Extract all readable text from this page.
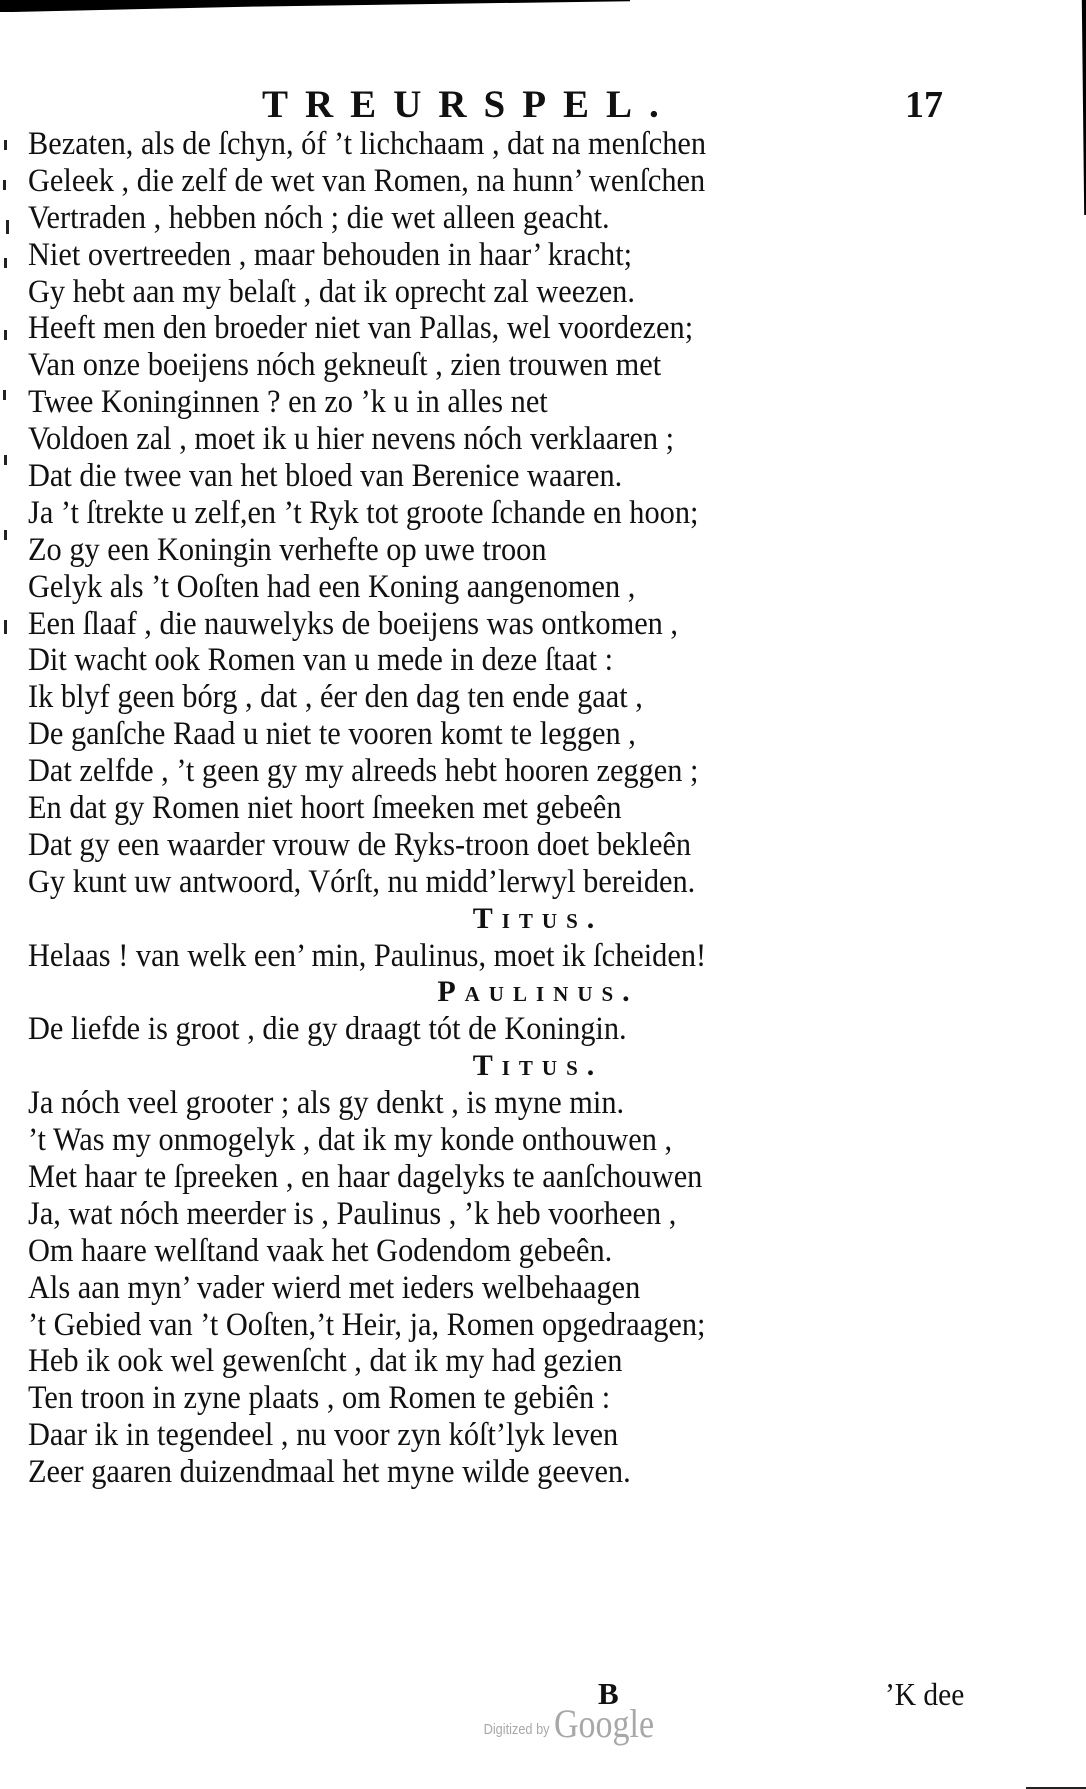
TREURSPEL.	17
Bezaten, als de ſchyn, óf ’t lichchaam , dat na menſchen
Geleek , die zelf de wet van Romen, na hunn’ wenſchen
Vertraden , hebben nóch ; die wet alleen geacht.
Niet overtreeden , maar behouden in haar’ kracht;
Gy hebt aan my belaſt , dat ik oprecht zal weezen.
Heeft men den broeder niet van Pallas, wel voordezen;
Van onze boeijens nóch gekneuſt , zien trouwen met
Twee Koninginnen ? en zo ’k u in alles net
Voldoen zal , moet ik u hier nevens nóch verklaaren ;
Dat die twee van het bloed van Berenice waaren.
Ja ’t ſtrekte u zelf,en ’t Ryk tot groote ſchande en hoon;
Zo gy een Koningin verhefte op uwe troon
Gelyk als ’t Ooſten had een Koning aangenomen ,
Een ſlaaf , die nauwelyks de boeijens was ontkomen ,
Dit wacht ook Romen van u mede in deze ſtaat :
Ik blyf geen bórg , dat , éer den dag ten ende gaat ,
De ganſche Raad u niet te vooren komt te leggen ,
Dat zelfde , ’t geen gy my alreeds hebt hooren zeggen ;
En dat gy Romen niet hoort ſmeeken met gebeên
Dat gy een waarder vrouw de Ryks-troon doet bekleên
Gy kunt uw antwoord, Vórſt, nu midd’lerwyl bereiden.
Titus.
Helaas ! van welk een’ min, Paulinus, moet ik ſcheiden!
Paulinus.
De liefde is groot , die gy draagt tót de Koningin.
Titus.
Ja nóch veel grooter ; als gy denkt , is myne min.
’t Was my onmogelyk , dat ik my konde onthouwen ,
Met haar te ſpreeken , en haar dagelyks te aanſchouwen
Ja, wat nóch meerder is , Paulinus , ’k heb voorheen ,
Om haare welſtand vaak het Godendom gebeên.
Als aan myn’ vader wierd met ieders welbehaagen
’t Gebied van ’t Ooſten,’t Heir, ja, Romen opgedraagen;
Heb ik ook wel gewenſcht , dat ik my had gezien
Ten troon in zyne plaats , om Romen te gebiên :
Daar ik in tegendeel , nu voor zyn kóſt’lyk leven
Zeer gaaren duizendmaal het myne wilde geeven.
B	’K dee
Digitized by Google
